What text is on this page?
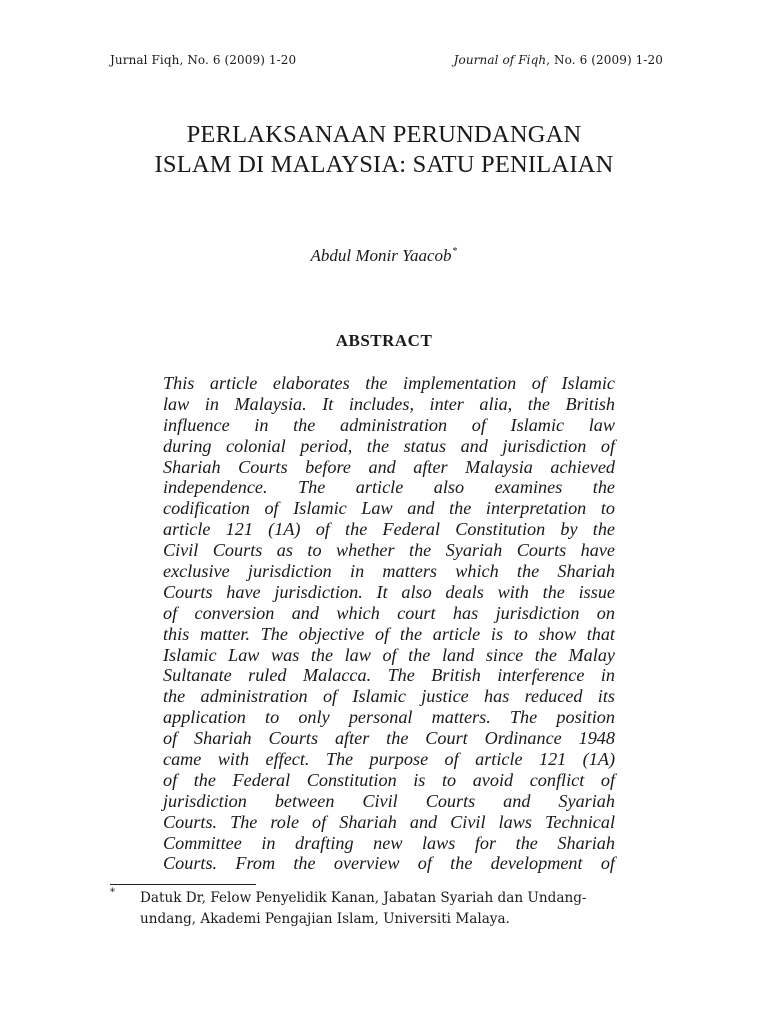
Jurnal Fiqh, No. 6 (2009) 1-20	Journal of Fiqh, No. 6 (2009) 1-20
PERLAKSANAAN PERUNDANGAN
ISLAM DI MALAYSIA: SATU PENILAIAN
Abdul Monir Yaacob*
ABSTRACT
This article elaborates the implementation of Islamic
law in Malaysia. It includes, inter alia, the British
influence in the administration of Islamic law
during colonial period, the status and jurisdiction of
Shariah Courts before and after Malaysia achieved
independence. The article also examines the
codification of Islamic Law and the interpretation to
article 121 (1A) of the Federal Constitution by the
Civil Courts as to whether the Syariah Courts have
exclusive jurisdiction in matters which the Shariah
Courts have jurisdiction. It also deals with the issue
of conversion and which court has jurisdiction on
this matter. The objective of the article is to show that
Islamic Law was the law of the land since the Malay
Sultanate ruled Malacca. The British interference in
the administration of Islamic justice has reduced its
application to only personal matters. The position
of Shariah Courts after the Court Ordinance 1948
came with effect. The purpose of article 121 (1A)
of the Federal Constitution is to avoid conflict of
jurisdiction between Civil Courts and Syariah
Courts. The role of Shariah and Civil laws Technical
Committee in drafting new laws for the Shariah
Courts. From the overview of the development of
* Datuk Dr, Felow Penyelidik Kanan, Jabatan Syariah dan Undang-
undang, Akademi Pengajian Islam, Universiti Malaya.
